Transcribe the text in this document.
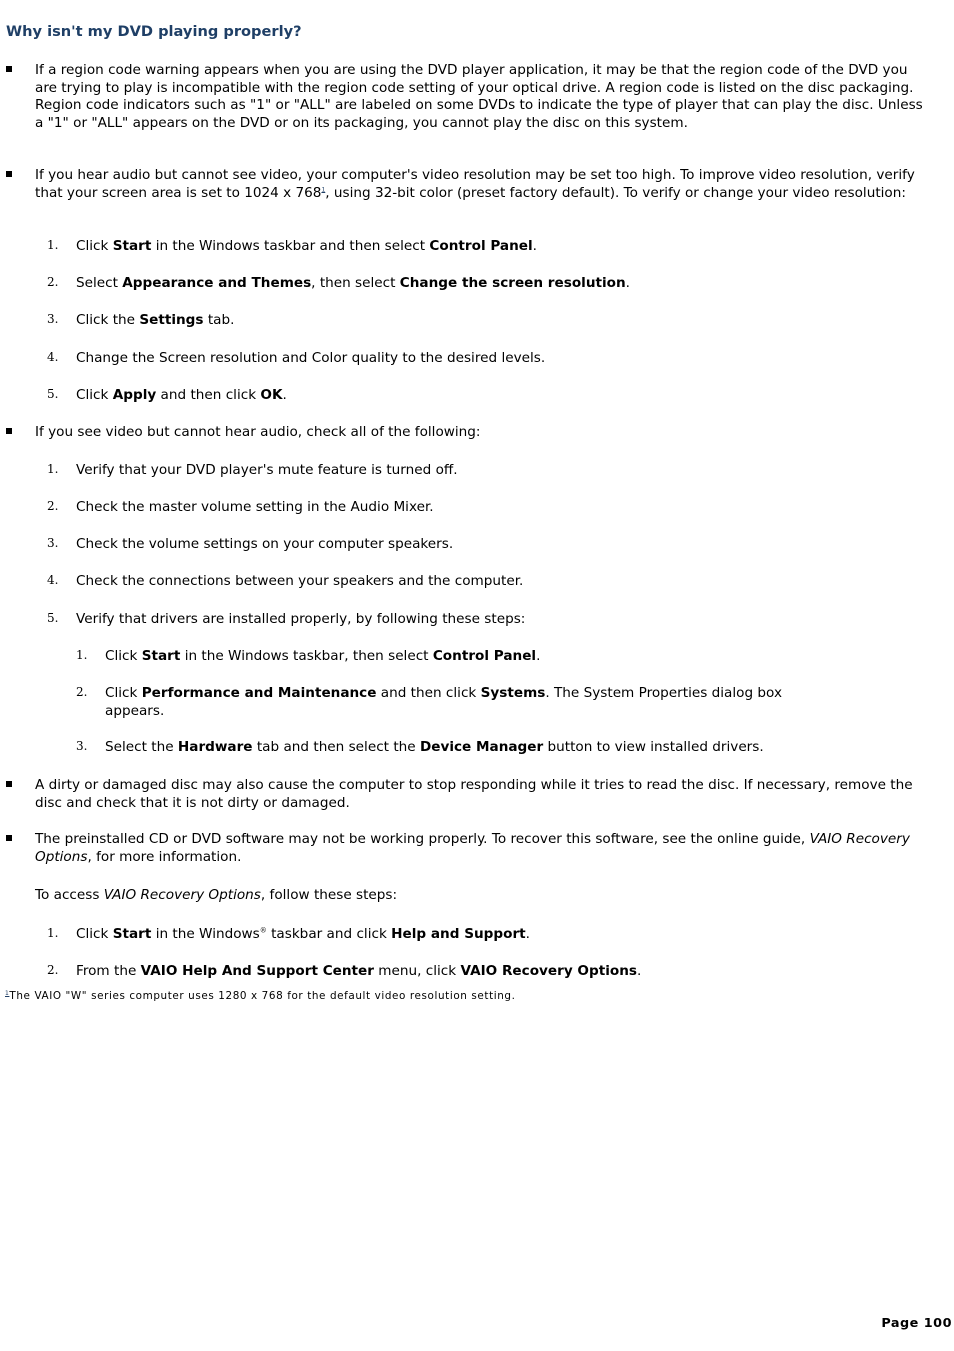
Why isn't my DVD playing properly?

If a region code warning appears when you are using the DVD player application, it may be that the region code of the DVD you are trying to play is incompatible with the region code setting of your optical drive. A region code is listed on the disc packaging. Region code indicators such as "1" or "ALL" are labeled on some DVDs to indicate the type of player that can play the disc. Unless a "1" or "ALL" appears on the DVD or on its packaging, you cannot play the disc on this system.

If you hear audio but cannot see video, your computer's video resolution may be set too high. To improve video resolution, verify that your screen area is set to 1024 x 768$^1$, using 32-bit color (preset factory default). To verify or change your video resolution:

1. Click Start in the Windows taskbar and then select Control Panel.

2. Select Appearance and Themes, then select Change the screen resolution.

3. Click the Settings tab.

4. Change the Screen resolution and Color quality to the desired levels.

5. Click Apply and then click OK.

If you see video but cannot hear audio, check all of the following:

1. Verify that your DVD player's mute feature is turned off.

2. Check the master volume setting in the Audio Mixer.

3. Check the volume settings on your computer speakers.

4. Check the connections between your speakers and the computer.

5. Verify that drivers are installed properly, by following these steps:

1. Click Start in the Windows taskbar, then select Control Panel.

2. Click Performance and Maintenance and then click Systems. The System Properties dialog box appears.

3. Select the Hardware tab and then select the Device Manager button to view installed drivers.

A dirty or damaged disc may also cause the computer to stop responding while it tries to read the disc. If necessary, remove the disc and check that it is not dirty or damaged.

The preinstalled CD or DVD software may not be working properly. To recover this software, see the online guide, VAIO Recovery Options, for more information.

To access VAIO Recovery Options, follow these steps:

1. Click Start in the Windows® taskbar and click Help and Support.

2. From the VAIO Help And Support Center menu, click VAIO Recovery Options.

$^1$The VAIO "W" series computer uses 1280 x 768 for the default video resolution setting.

Page 100
